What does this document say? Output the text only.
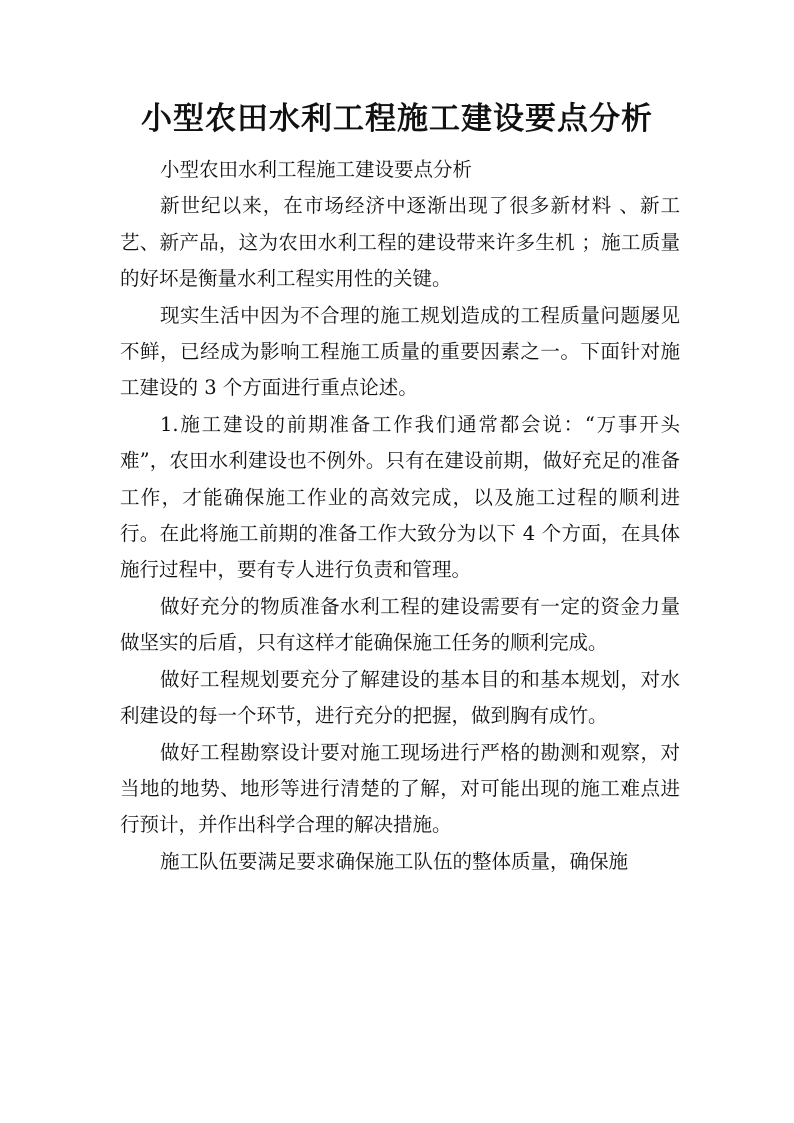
小型农田水利工程施工建设要点分析

小型农田水利工程施工建设要点分析

新世纪以来，在市场经济中逐渐出现了很多新材料 、新工艺、新产品，这为农田水利工程的建设带来许多生机 ；施工质量的好坏是衡量水利工程实用性的关键。

现实生活中因为不合理的施工规划造成的工程质量问题屡见不鲜，已经成为影响工程施工质量的重要因素之一。下面针对施工建设的 3 个方面进行重点论述。

1.施工建设的前期准备工作我们通常都会说：“万事开头难”，农田水利建设也不例外。只有在建设前期，做好充足的准备工作，才能确保施工作业的高效完成，以及施工过程的顺利进行。在此将施工前期的准备工作大致分为以下 4 个方面，在具体施行过程中，要有专人进行负责和管理。

做好充分的物质准备水利工程的建设需要有一定的资金力量做坚实的后盾，只有这样才能确保施工任务的顺利完成。

做好工程规划要充分了解建设的基本目的和基本规划，对水利建设的每一个环节，进行充分的把握，做到胸有成竹。

做好工程勘察设计要对施工现场进行严格的勘测和观察，对当地的地势、地形等进行清楚的了解，对可能出现的施工难点进行预计，并作出科学合理的解决措施。

施工队伍要满足要求确保施工队伍的整体质量，确保施
